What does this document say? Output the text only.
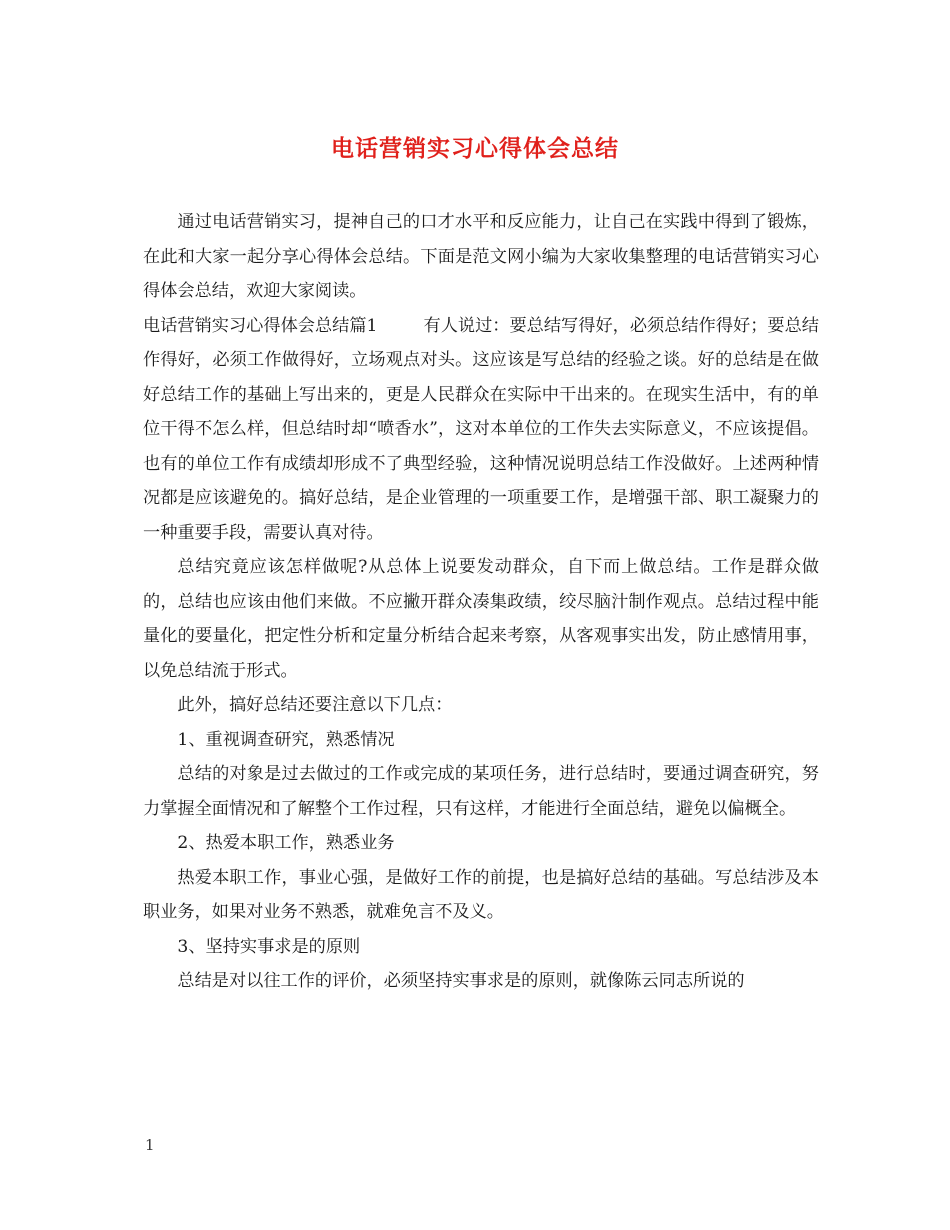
电话营销实习心得体会总结

通过电话营销实习，提神自己的口才水平和反应能力，让自己在实践中得到了锻炼，在此和大家一起分享心得体会总结。下面是范文网小编为大家收集整理的电话营销实习心得体会总结，欢迎大家阅读。

电话营销实习心得体会总结篇1	有人说过：要总结写得好，必须总结作得好；要总结作得好，必须工作做得好，立场观点对头。这应该是写总结的经验之谈。好的总结是在做好总结工作的基础上写出来的，更是人民群众在实际中干出来的。在现实生活中，有的单位干得不怎么样，但总结时却“喷香水”，这对本单位的工作失去实际意义，不应该提倡。也有的单位工作有成绩却形成不了典型经验，这种情况说明总结工作没做好。上述两种情况都是应该避免的。搞好总结，是企业管理的一项重要工作，是增强干部、职工凝聚力的一种重要手段，需要认真对待。

总结究竟应该怎样做呢?从总体上说要发动群众，自下而上做总结。工作是群众做的，总结也应该由他们来做。不应撇开群众凑集政绩，绞尽脑汁制作观点。总结过程中能量化的要量化，把定性分析和定量分析结合起来考察，从客观事实出发，防止感情用事，以免总结流于形式。

此外，搞好总结还要注意以下几点：

1、重视调查研究，熟悉情况

总结的对象是过去做过的工作或完成的某项任务，进行总结时，要通过调查研究，努力掌握全面情况和了解整个工作过程，只有这样，才能进行全面总结，避免以偏概全。

2、热爱本职工作，熟悉业务

热爱本职工作，事业心强，是做好工作的前提，也是搞好总结的基础。写总结涉及本职业务，如果对业务不熟悉，就难免言不及义。

3、坚持实事求是的原则

总结是对以往工作的评价，必须坚持实事求是的原则，就像陈云同志所说的

1
